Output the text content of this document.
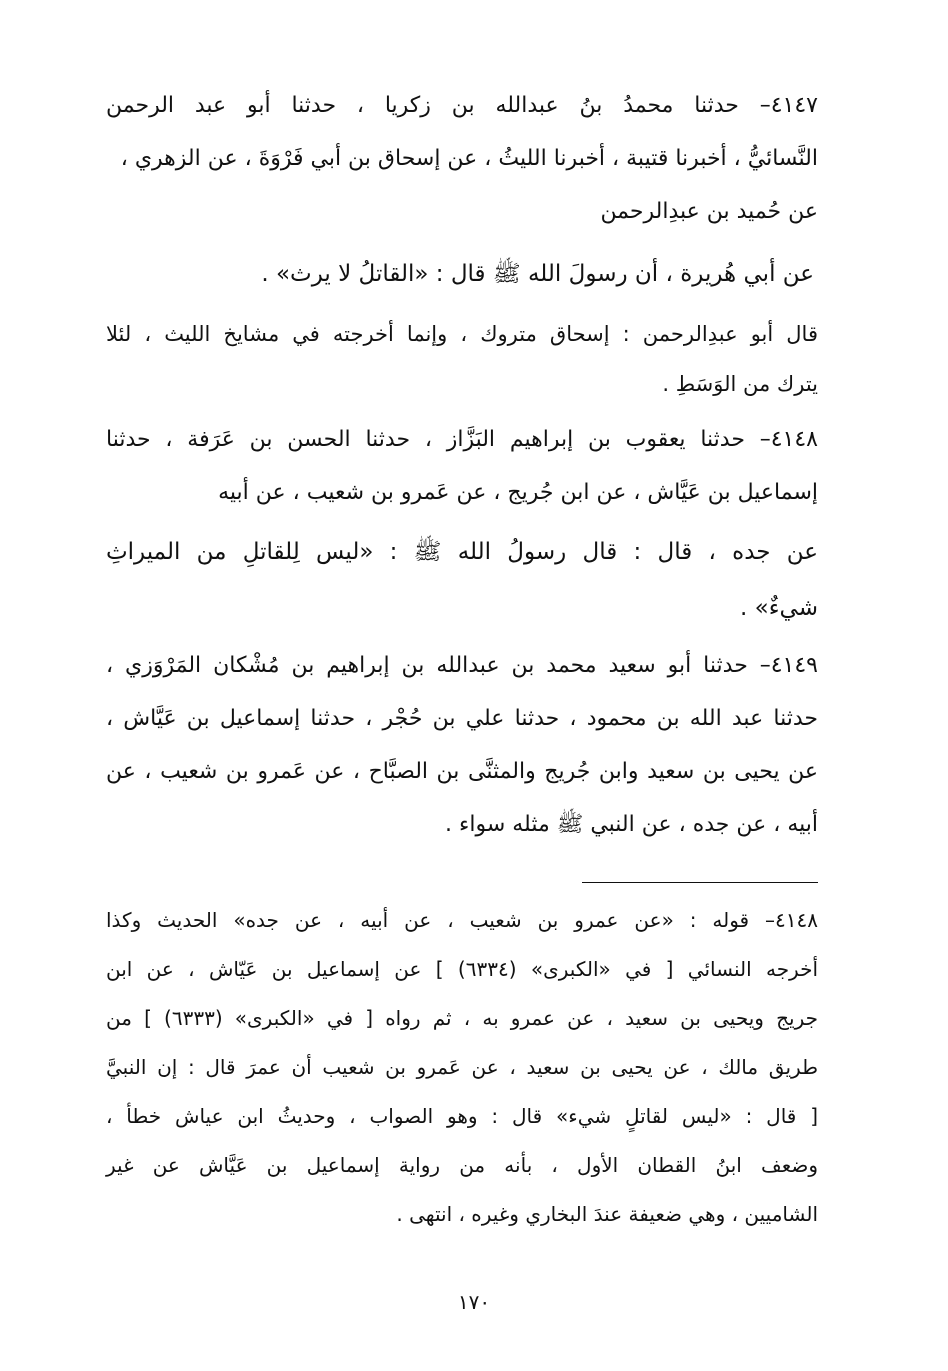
٤١٤٧– حدثنا محمدُ بنُ عبدالله بن زكريا ، حدثنا أبو عبد الرحمن
النَّسائيُّ ، أخبرنا قتيبة ، أخبرنا الليثُ ، عن إسحاق بن أبي فَرْوَةَ ، عن الزهري ،
عن حُميد بن عبدِالرحمن
عن أبي هُريرة ، أن رسولَ الله ﷺ قال : «القاتلُ لا يرث» .
قال أبو عبدِالرحمن : إسحاق متروك ، وإنما أخرجته في مشايخ الليث ، لئلا
يترك من الوَسَطِ .
٤١٤٨– حدثنا يعقوب بن إبراهيم البَزَّاز ، حدثنا الحسن بن عَرَفة ، حدثنا
إسماعيل بن عَيَّاش ، عن ابن جُريج ، عن عَمرو بن شعيب ، عن أبيه
عن جده ، قال : قال رسولُ الله ﷺ : «ليس لِلقاتلِ من الميراثِ
شيءٌ» .
٤١٤٩– حدثنا أبو سعيد محمد بن عبدالله بن إبراهيم بن مُشْكان المَرْوَزي ،
حدثنا عبد الله بن محمود ، حدثنا علي بن حُجْر ، حدثنا إسماعيل بن عَيَّاش ،
عن يحيى بن سعيد وابن جُريج والمثنَّى بن الصبَّاح ، عن عَمرو بن شعيب ، عن
أبيه ، عن جده ، عن النبي ﷺ مثله سواء .
٤١٤٨– قوله : «عن عمرو بن شعيب ، عن أبيه ، عن جده» الحديث وكذا
أخرجه النسائي [ في «الكبرى» (٦٣٣٤) ] عن إسماعيل بن عَيّاش ، عن ابن
جريج ويحيى بن سعيد ، عن عمرو به ، ثم رواه [ في «الكبرى» (٦٣٣٣) ] من
طريق مالك ، عن يحيى بن سعيد ، عن عَمرو بن شعيب أن عمرَ قال : إن النبيَّ
[ قال : «ليس لقاتلٍ شيء» قال : وهو الصواب ، وحديثُ ابن عياش خطأ ،
وضعف ابنُ القطان الأول ، بأنه من رواية إسماعيل بن عَيَّاش عن غير
الشاميين ، وهي ضعيفة عندَ البخاري وغيره ، انتهى .
١٧٠
